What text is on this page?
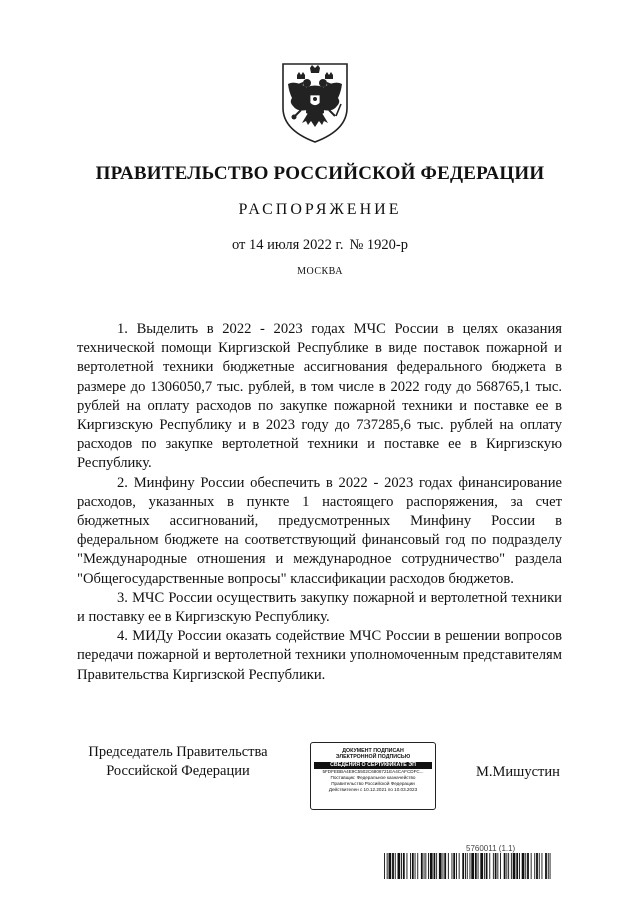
ПРАВИТЕЛЬСТВО РОССИЙСКОЙ ФЕДЕРАЦИИ
РАСПОРЯЖЕНИЕ
от 14 июля 2022 г. № 1920-р
МОСКВА

1. Выделить в 2022 - 2023 годах МЧС России в целях оказания технической помощи Киргизской Республике в виде поставок пожарной и вертолетной техники бюджетные ассигнования федерального бюджета в размере до 1306050,7 тыс. рублей, в том числе в 2022 году до 568765,1 тыс. рублей на оплату расходов по закупке пожарной техники и поставке ее в Киргизскую Республику и в 2023 году до 737285,6 тыс. рублей на оплату расходов по закупке вертолетной техники и поставке ее в Киргизскую Республику.

2. Минфину России обеспечить в 2022 - 2023 годах финансирование расходов, указанных в пункте 1 настоящего распоряжения, за счет бюджетных ассигнований, предусмотренных Минфину России в федеральном бюджете на соответствующий финансовый год по подразделу "Международные отношения и международное сотрудничество" раздела "Общегосударственные вопросы" классификации расходов бюджетов.

3. МЧС России осуществить закупку пожарной и вертолетной техники и поставку ее в Киргизскую Республику.

4. МИДу России оказать содействие МЧС России в решении вопросов передачи пожарной и вертолетной техники уполномоченным представителям Правительства Киргизской Республики.

Председатель Правительства
Российской Федерации
ДОКУМЕНТ ПОДПИСАН
ЭЛЕКТРОННОЙ ПОДПИСЬЮ
СВЕДЕНИЯ О СЕРТИФИКАТЕ ЭП
5FDFEBBA4E9C5502C6806721EA4CAFCDFC...
Поставщик: Федеральное казначейство
Правительство Российской Федерации
Действителен с 10.12.2021 по 10.03.2023
М.Мишустин
5760011 (1.1)
